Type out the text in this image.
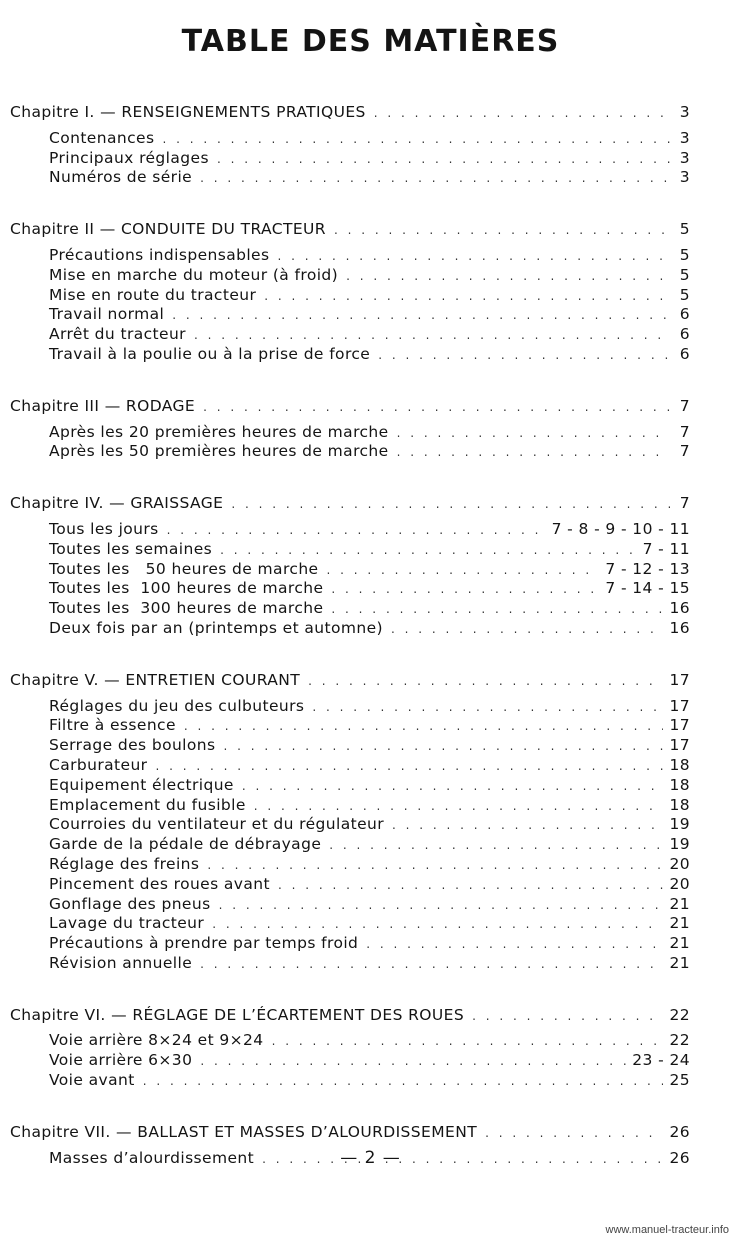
TABLE DES MATIÈRES
Chapitre I. — RENSEIGNEMENTS PRATIQUES . . .	3
Contenances . . .	3
Principaux réglages . . .	3
Numéros de série . . .	3
Chapitre II — CONDUITE DU TRACTEUR . . .	5
Précautions indispensables . . .	5
Mise en marche du moteur (à froid) . . .	5
Mise en route du tracteur . . .	5
Travail normal . . .	6
Arrêt du tracteur . . .	6
Travail à la poulie ou à la prise de force . . .	6
Chapitre III — RODAGE . . .	7
Après les 20 premières heures de marche . . .	7
Après les 50 premières heures de marche . . .	7
Chapitre IV. — GRAISSAGE . . .	7
Tous les jours . . .	7 - 8 - 9 - 10 - 11
Toutes les semaines . . .	7 - 11
Toutes les   50 heures de marche . . .	7 - 12 - 13
Toutes les  100 heures de marche . . .	7 - 14 - 15
Toutes les  300 heures de marche . . .	16
Deux fois par an (printemps et automne) . . .	16
Chapitre V. — ENTRETIEN COURANT . . .	17
Réglages du jeu des culbuteurs . . .	17
Filtre à essence . . .	17
Serrage des boulons . . .	17
Carburateur . . .	18
Equipement électrique . . .	18
Emplacement du fusible . . .	18
Courroies du ventilateur et du régulateur . . .	19
Garde de la pédale de débrayage . . .	19
Réglage des freins . . .	20
Pincement des roues avant . . .	20
Gonflage des pneus . . .	21
Lavage du tracteur . . .	21
Précautions à prendre par temps froid . . .	21
Révision annuelle . . .	21
Chapitre VI. — RÉGLAGE DE L’ÉCARTEMENT DES ROUES . . .	22
Voie arrière 8×24 et 9×24 . . .	22
Voie arrière 6×30 . . .	23 - 24
Voie avant . . .	25
Chapitre VII. — BALLAST ET MASSES D’ALOURDISSEMENT . . .	26
Masses d’alourdissement . . .	26
— 2 —
www.manuel-tracteur.info
